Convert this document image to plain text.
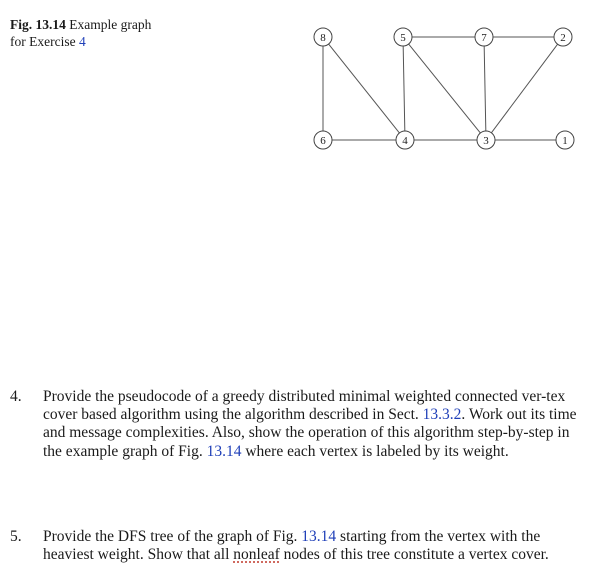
Fig. 13.14 Example graph
for Exercise 4	8	5	7	2
6	4	3	1
4. Provide the pseudocode of a greedy distributed minimal weighted connected ver-tex cover based algorithm using the algorithm described in Sect. 13.3.2. Work out its time and message complexities. Also, show the operation of this algorithm step-by-step in the example graph of Fig. 13.14 where each vertex is labeled by its weight.
5. Provide the DFS tree of the graph of Fig. 13.14 starting from the vertex with the heaviest weight. Show that all nonleaf nodes of this tree constitute a vertex cover.
